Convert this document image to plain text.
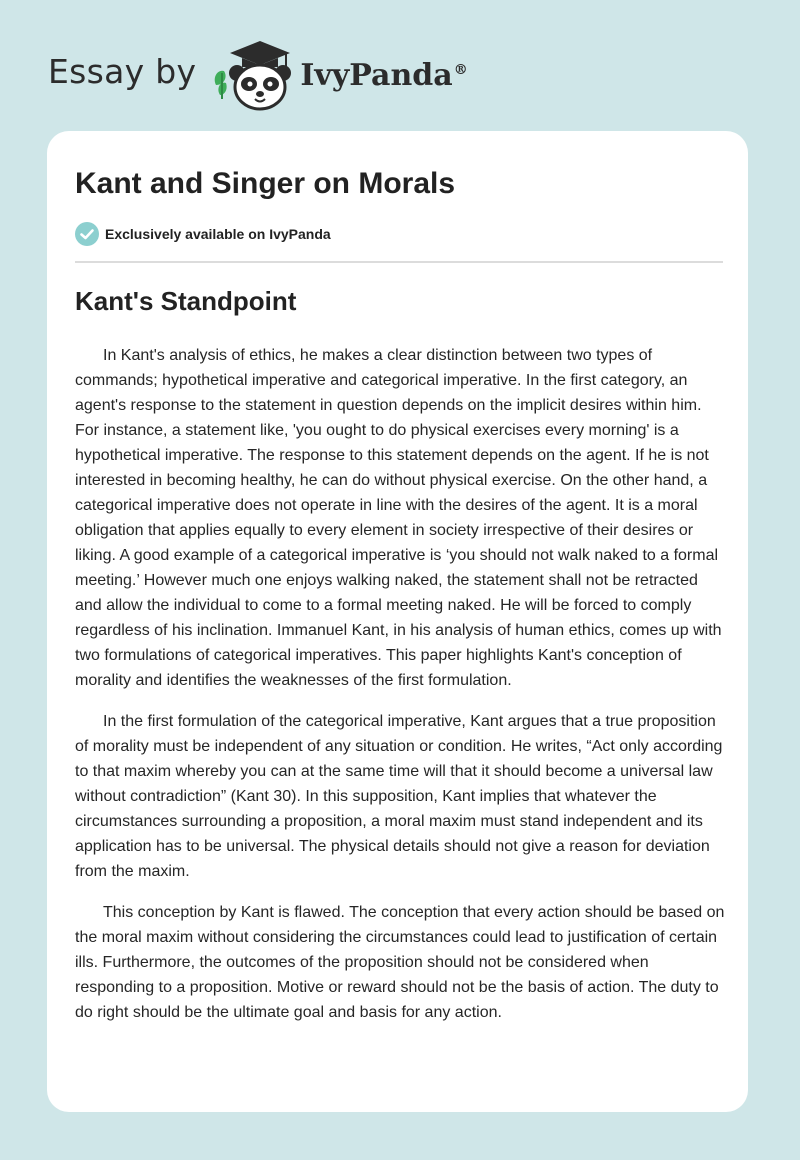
Essay by	IvyPanda®
Kant and Singer on Morals
Exclusively available on IvyPanda
Kant's Standpoint

In Kant's analysis of ethics, he makes a clear distinction between two types of commands; hypothetical imperative and categorical imperative. In the first category, an agent's response to the statement in question depends on the implicit desires within him. For instance, a statement like, 'you ought to do physical exercises every morning' is a hypothetical imperative. The response to this statement depends on the agent. If he is not interested in becoming healthy, he can do without physical exercise. On the other hand, a categorical imperative does not operate in line with the desires of the agent. It is a moral obligation that applies equally to every element in society irrespective of their desires or liking. A good example of a categorical imperative is ‘you should not walk naked to a formal meeting.’ However much one enjoys walking naked, the statement shall not be retracted and allow the individual to come to a formal meeting naked. He will be forced to comply regardless of his inclination. Immanuel Kant, in his analysis of human ethics, comes up with two formulations of categorical imperatives. This paper highlights Kant's conception of morality and identifies the weaknesses of the first formulation.

In the first formulation of the categorical imperative, Kant argues that a true proposition of morality must be independent of any situation or condition. He writes, “Act only according to that maxim whereby you can at the same time will that it should become a universal law without contradiction” (Kant 30). In this supposition, Kant implies that whatever the circumstances surrounding a proposition, a moral maxim must stand independent and its application has to be universal. The physical details should not give a reason for deviation from the maxim.

This conception by Kant is flawed. The conception that every action should be based on the moral maxim without considering the circumstances could lead to justification of certain ills. Furthermore, the outcomes of the proposition should not be considered when responding to a proposition. Motive or reward should not be the basis of action. The duty to do right should be the ultimate goal and basis for any action.
